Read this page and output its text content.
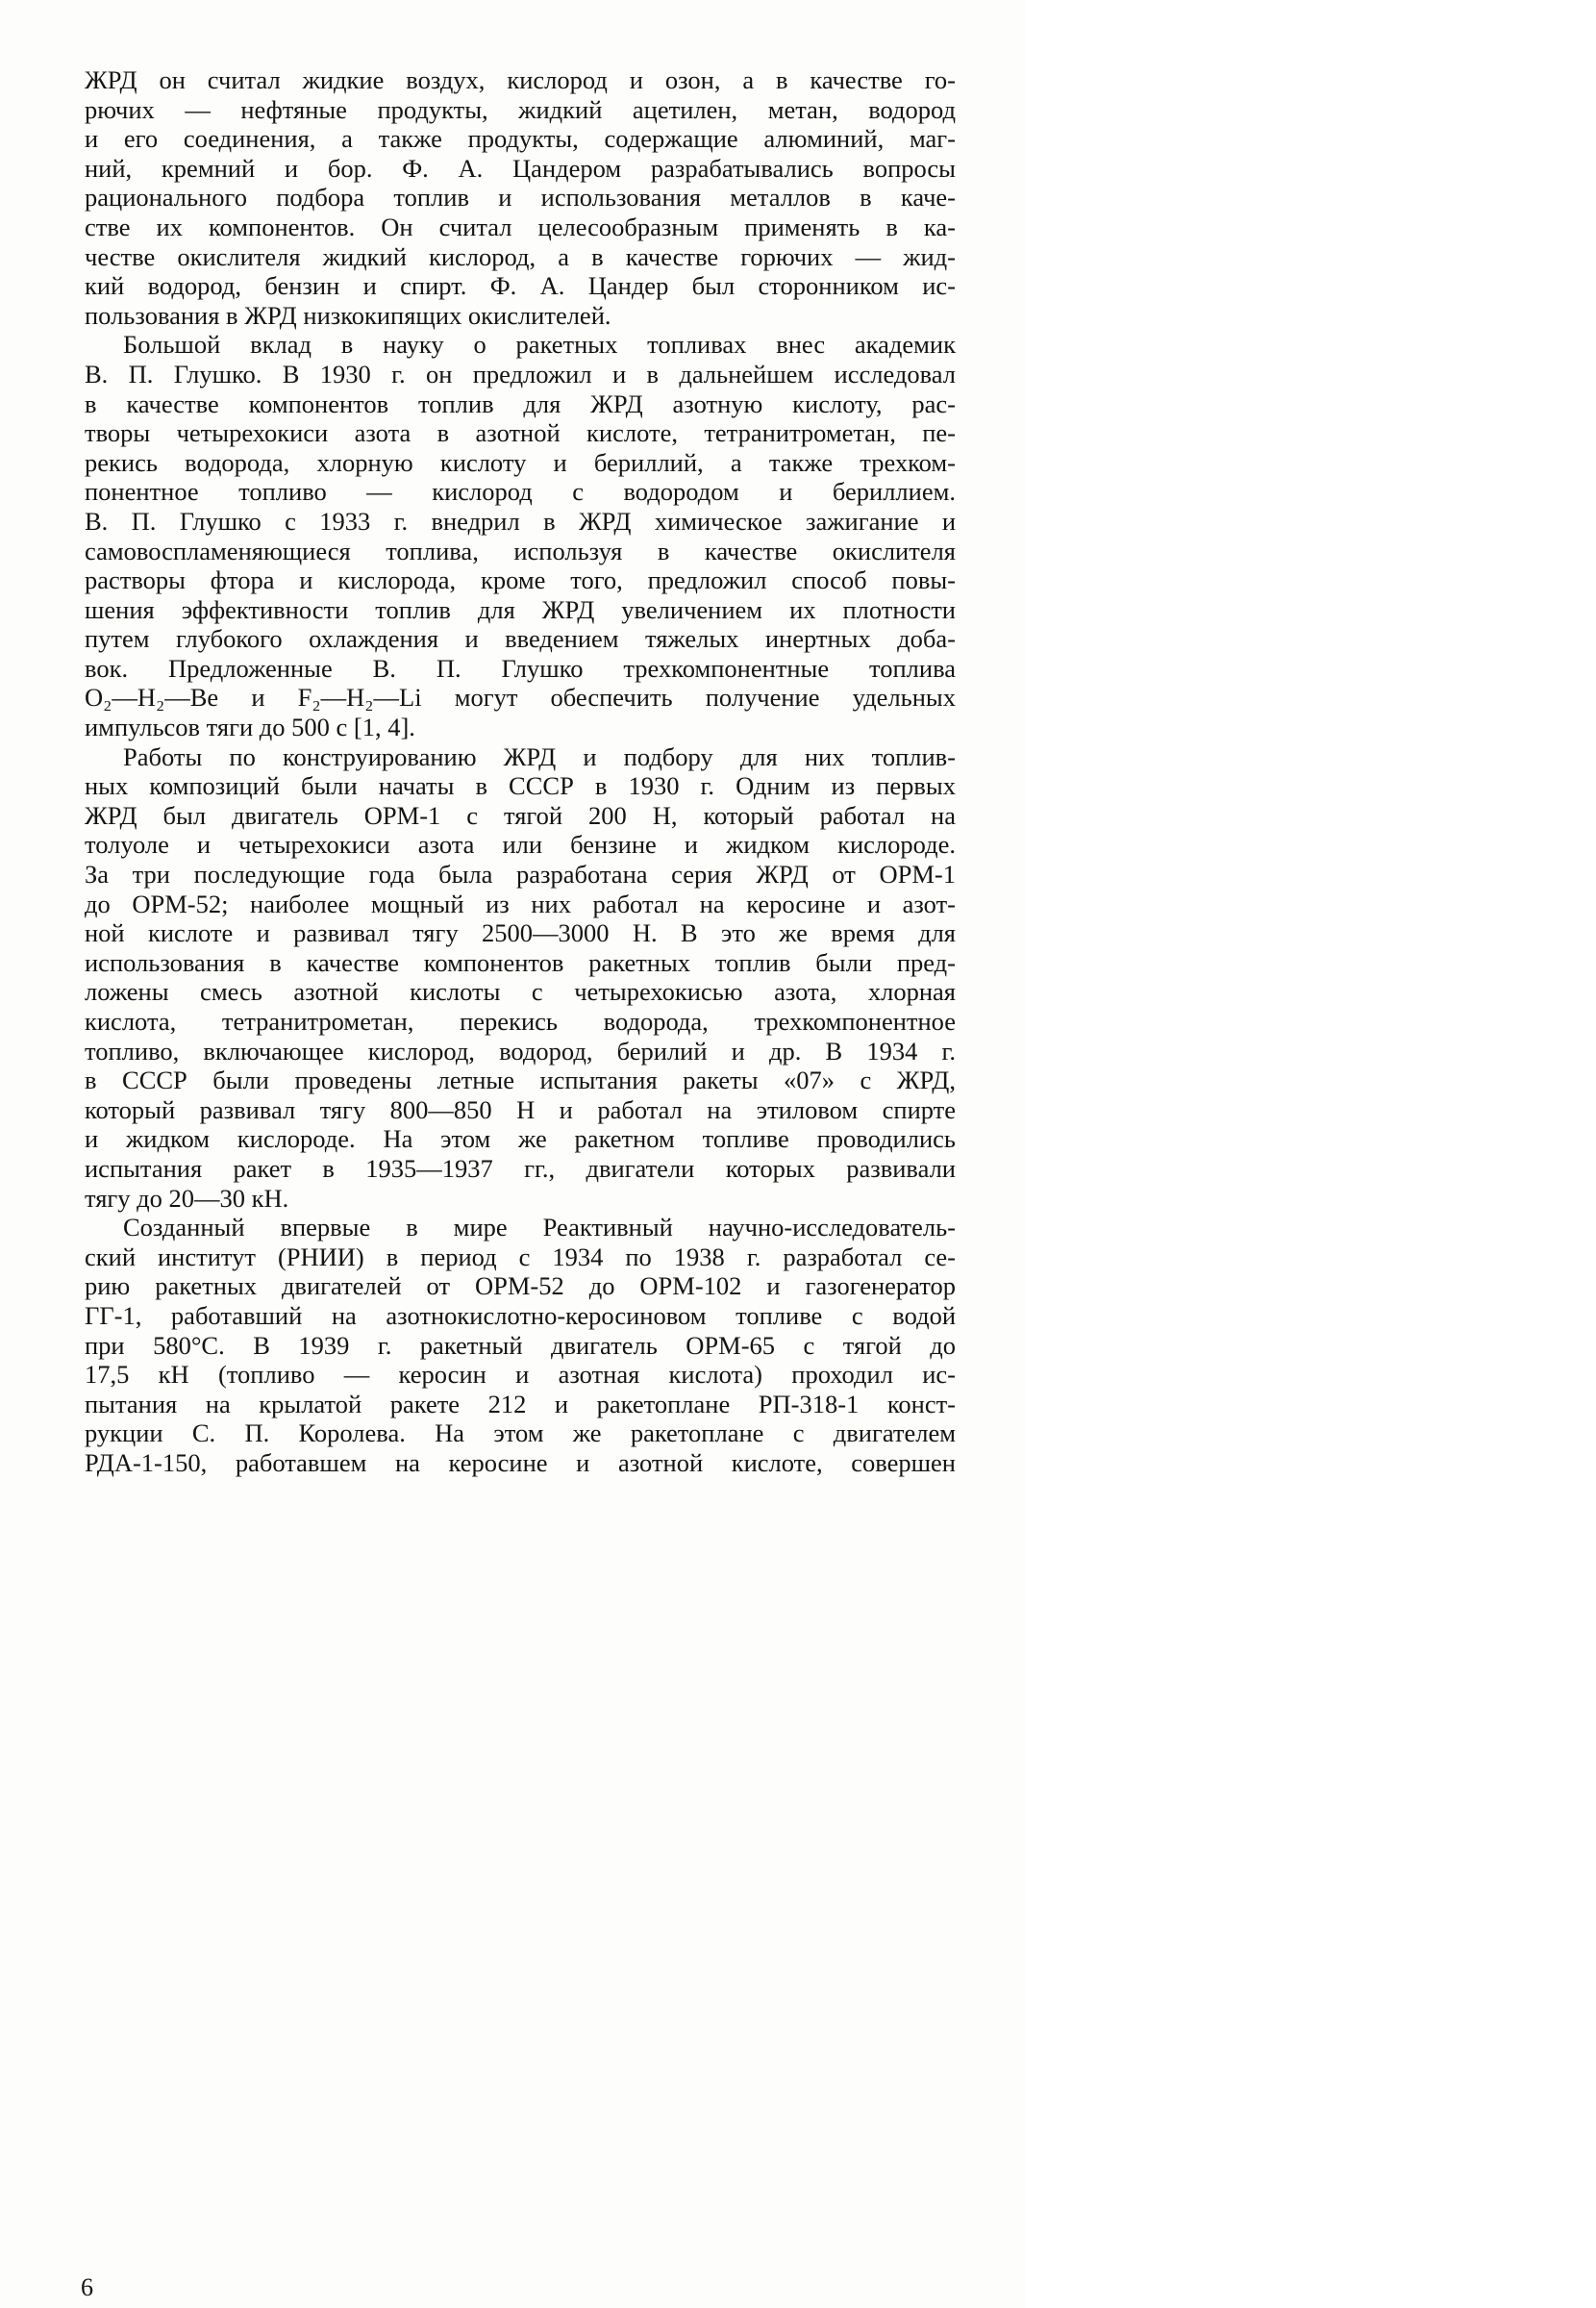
ЖРД он считал жидкие воздух, кислород и озон, а в качестве го-
рючих — нефтяные продукты, жидкий ацетилен, метан, водород
и его соединения, а также продукты, содержащие алюминий, маг-
ний, кремний и бор. Ф. А. Цандером разрабатывались вопросы
рационального подбора топлив и использования металлов в каче-
стве их компонентов. Он считал целесообразным применять в ка-
честве окислителя жидкий кислород, а в качестве горючих — жид-
кий водород, бензин и спирт. Ф. А. Цандер был сторонником ис-
пользования в ЖРД низкокипящих окислителей.
Большой вклад в науку о ракетных топливах внес академик
В. П. Глушко. В 1930 г. он предложил и в дальнейшем исследовал
в качестве компонентов топлив для ЖРД азотную кислоту, рас-
творы четырехокиси азота в азотной кислоте, тетранитрометан, пе-
рекись водорода, хлорную кислоту и бериллий, а также трехком-
понентное топливо — кислород с водородом и бериллием.
В. П. Глушко с 1933 г. внедрил в ЖРД химическое зажигание и
самовоспламеняющиеся топлива, используя в качестве окислителя
растворы фтора и кислорода, кроме того, предложил способ повы-
шения эффективности топлив для ЖРД увеличением их плотности
путем глубокого охлаждения и введением тяжелых инертных доба-
вок. Предложенные В. П. Глушко трехкомпонентные топлива
O₂—H₂—Be и F₂—H₂—Li могут обеспечить получение удельных
импульсов тяги до 500 с [1, 4].
Работы по конструированию ЖРД и подбору для них топлив-
ных композиций были начаты в СССР в 1930 г. Одним из первых
ЖРД был двигатель ОРМ-1 с тягой 200 Н, который работал на
толуоле и четырехокиси азота или бензине и жидком кислороде.
За три последующие года была разработана серия ЖРД от ОРМ-1
до ОРМ-52; наиболее мощный из них работал на керосине и азот-
ной кислоте и развивал тягу 2500—3000 Н. В это же время для
использования в качестве компонентов ракетных топлив были пред-
ложены смесь азотной кислоты с четырехокисью азота, хлорная
кислота, тетранитрометан, перекись водорода, трехкомпонентное
топливо, включающее кислород, водород, берилий и др. В 1934 г.
в СССР были проведены летные испытания ракеты «07» с ЖРД,
который развивал тягу 800—850 Н и работал на этиловом спирте
и жидком кислороде. На этом же ракетном топливе проводились
испытания ракет в 1935—1937 гг., двигатели которых развивали
тягу до 20—30 кН.
Созданный впервые в мире Реактивный научно-исследователь-
ский институт (РНИИ) в период с 1934 по 1938 г. разработал се-
рию ракетных двигателей от ОРМ-52 до ОРМ-102 и газогенератор
ГГ-1, работавший на азотнокислотно-керосиновом топливе с водой
при 580°С. В 1939 г. ракетный двигатель ОРМ-65 с тягой до
17,5 кН (топливо — керосин и азотная кислота) проходил ис-
пытания на крылатой ракете 212 и ракетоплане РП-318-1 конст-
рукции С. П. Королева. На этом же ракетоплане с двигателем
РДА-1-150, работавшем на керосине и азотной кислоте, совершен
6
